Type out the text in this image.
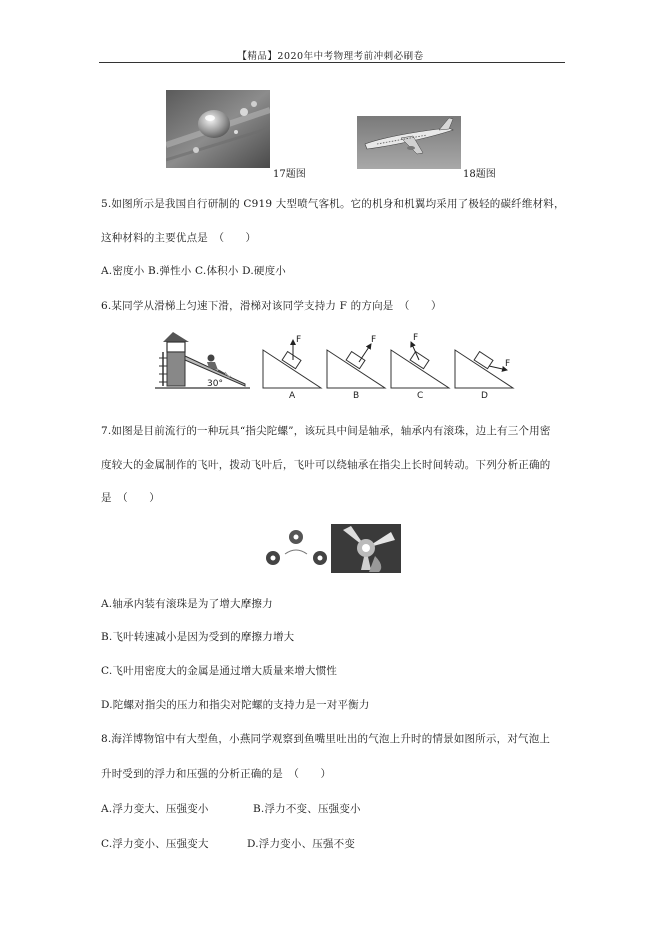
【精品】2020年中考物理考前冲刺必刷卷
17题图	18题图
5.如图所示是我国自行研制的 C919 大型喷气客机。它的机身和机翼均采用了极轻的碳纤维材料，
这种材料的主要优点是　（　　）
A.密度小 B.弹性小 C.体积小 D.硬度小
6.某同学从滑梯上匀速下滑，滑梯对该同学支持力 F 的方向是　（　　）
30°
F
A
F
B
F
C
F
D
7.如图是目前流行的一种玩具“指尖陀螺”，该玩具中间是轴承，轴承内有滚珠，边上有三个用密
度较大的金属制作的飞叶，拨动飞叶后，飞叶可以绕轴承在指尖上长时间转动。下列分析正确的
是　（　　）
A.轴承内装有滚珠是为了增大摩擦力
B.飞叶转速减小是因为受到的摩擦力增大
C.飞叶用密度大的金属是通过增大质量来增大惯性
D.陀螺对指尖的压力和指尖对陀螺的支持力是一对平衡力
8.海洋博物馆中有大型鱼，小燕同学观察到鱼嘴里吐出的气泡上升时的情景如图所示，对气泡上
升时受到的浮力和压强的分析正确的是　（　　）
A.浮力变大、压强变小	B.浮力不变、压强变小
C.浮力变小、压强变大	D.浮力变小、压强不变
